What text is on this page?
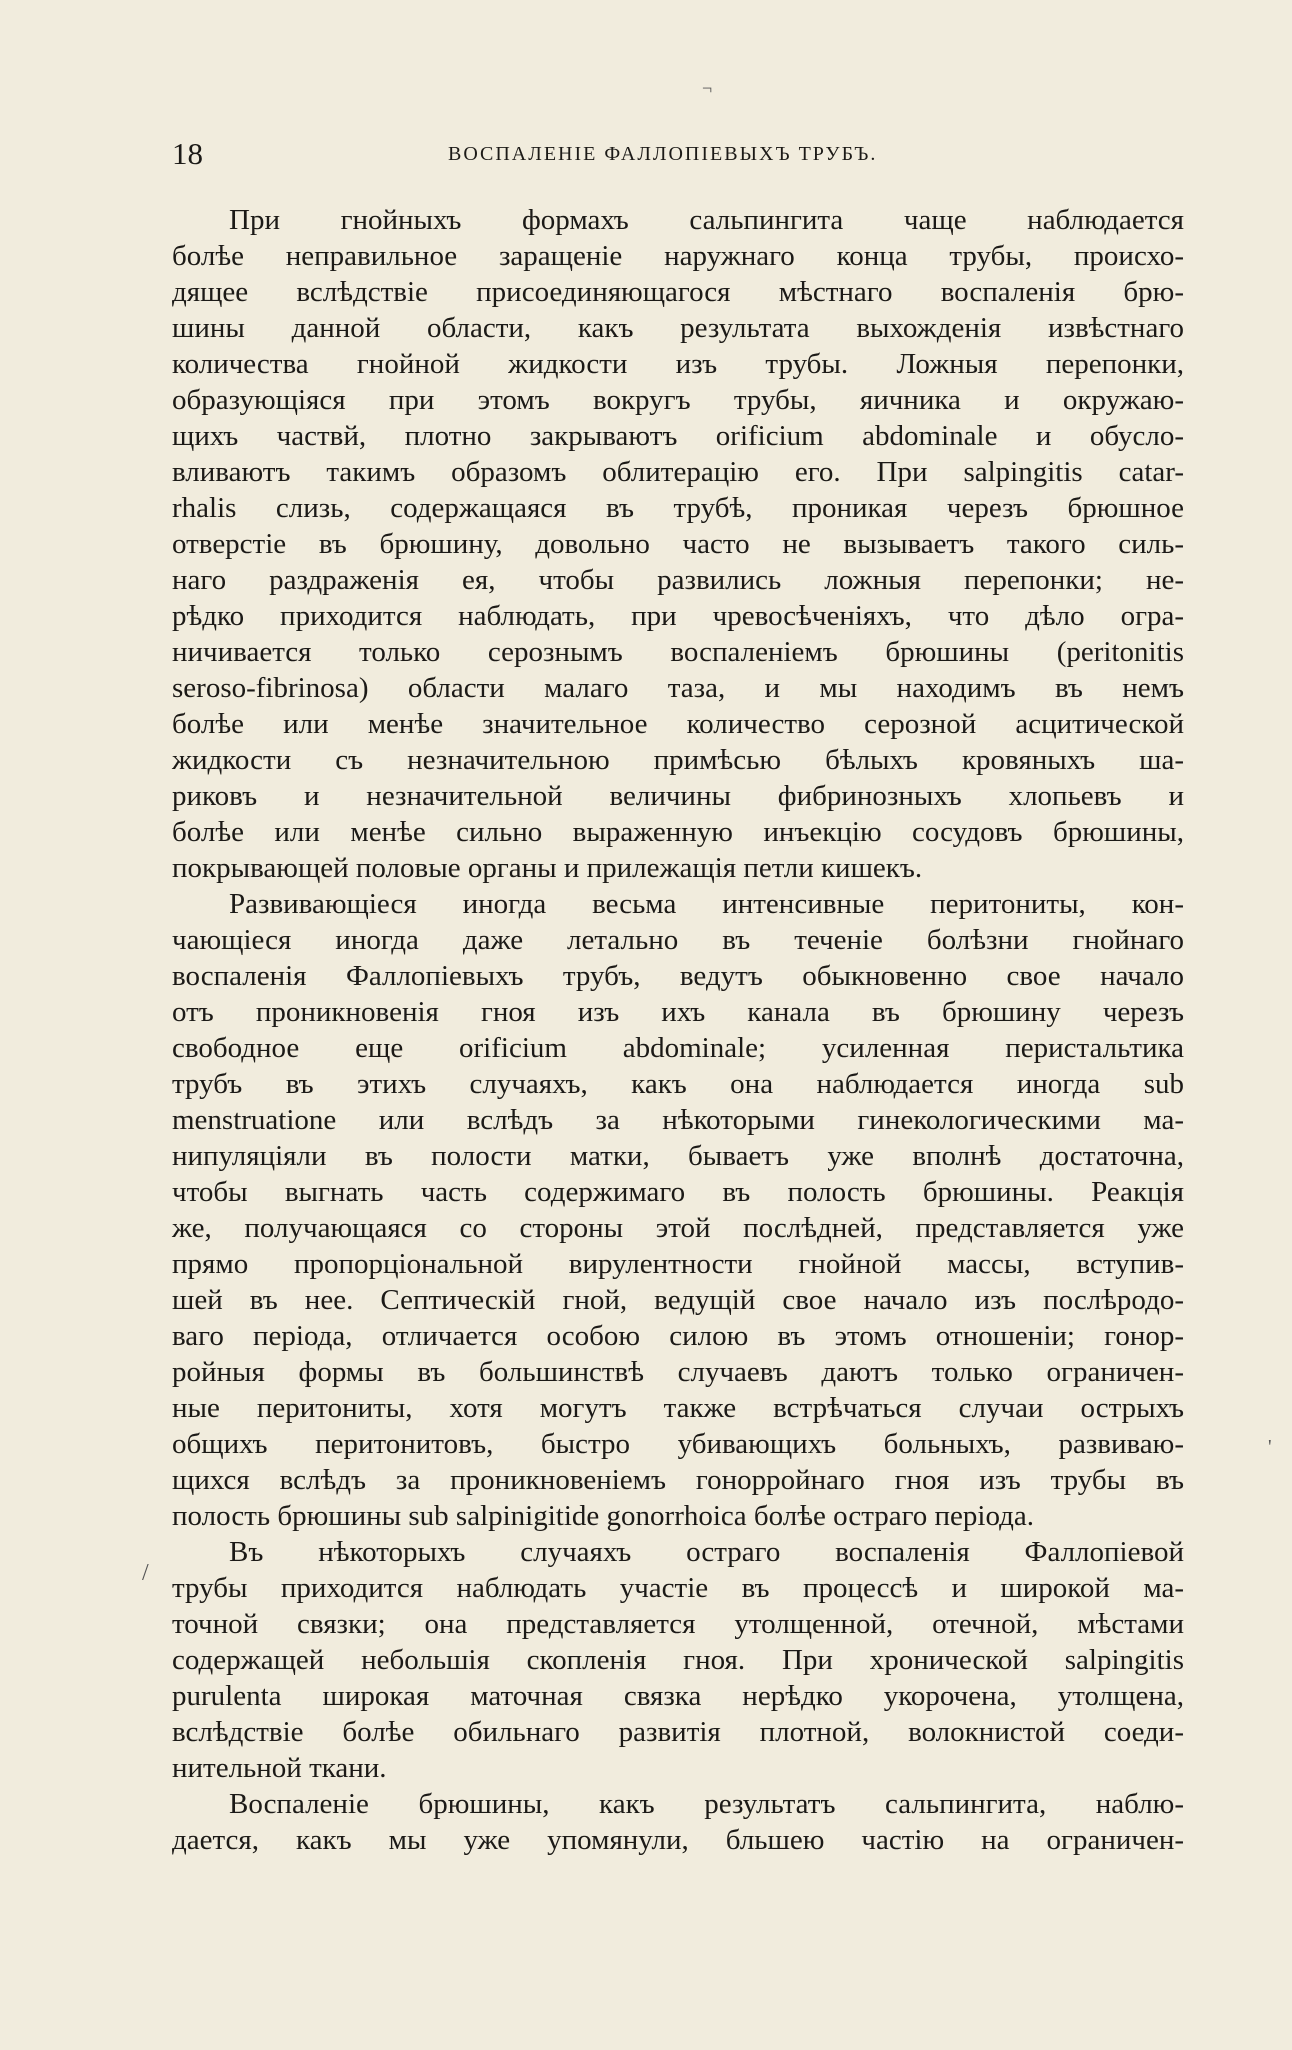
¬
18	ВОСПАЛЕНІЕ ФАЛЛОПІЕВЫХЪ ТРУБЪ.
При гнойныхъ формахъ сальпингита чаще наблюдается
болѣе неправильное заращеніе наружнаго конца трубы, происхо-
дящее вслѣдствіе присоединяющагося мѣстнаго воспаленія брю-
шины данной области, какъ результата выхожденія извѣстнаго
количества гнойной жидкости изъ трубы. Ложныя перепонки,
образующіяся при этомъ вокругъ трубы, яичника и окружаю-
щихъ частвй, плотно закрываютъ orificium abdominale и обусло-
вливаютъ такимъ образомъ облитерацію его. При salpingitis catar-
rhalis слизь, содержащаяся въ трубѣ, проникая черезъ брюшное
отверстіе въ брюшину, довольно часто не вызываетъ такого силь-
наго раздраженія ея, чтобы развились ложныя перепонки; не-
рѣдко приходится наблюдать, при чревосѣченіяхъ, что дѣло огра-
ничивается только серознымъ воспаленіемъ брюшины (peritonitis
seroso-fibrinosa) области малаго таза, и мы находимъ въ немъ
болѣе или менѣе значительное количество серозной асцитической
жидкости съ незначительною примѣсью бѣлыхъ кровяныхъ ша-
риковъ и незначительной величины фибринозныхъ хлопьевъ и
болѣе или менѣе сильно выраженную инъекцію сосудовъ брюшины,
покрывающей половые органы и прилежащія петли кишекъ.
Развивающіеся иногда весьма интенсивные перитониты, кон-
чающіеся иногда даже летально въ теченіе болѣзни гнойнаго
воспаленія Фаллопіевыхъ трубъ, ведутъ обыкновенно свое начало
отъ проникновенія гноя изъ ихъ канала въ брюшину черезъ
свободное еще orificium abdominale; усиленная перистальтика
трубъ въ этихъ случаяхъ, какъ она наблюдается иногда sub
menstruatione или вслѣдъ за нѣкоторыми гинекологическими ма-
нипуляціяли въ полости матки, бываетъ уже вполнѣ достаточна,
чтобы выгнать часть содержимаго въ полость брюшины. Реакція
же, получающаяся со стороны этой послѣдней, представляется уже
прямо пропорціональной вирулентности гнойной массы, вступив-
шей въ нее. Септическій гной, ведущій свое начало изъ послѣродо-
ваго періода, отличается особою силою въ этомъ отношеніи; гонор-
ройныя формы въ большинствѣ случаевъ даютъ только ограничен-
ные перитониты, хотя могутъ также встрѣчаться случаи острыхъ
общихъ перитонитовъ, быстро убивающихъ больныхъ, развиваю-
щихся вслѣдъ за проникновеніемъ гонорройнаго гноя изъ трубы въ
полость брюшины sub salpinigitide gonorrhoica болѣе остраго періода.
Въ нѣкоторыхъ случаяхъ остраго воспаленія Фаллопіевой
трубы приходится наблюдать участіе въ процессѣ и широкой ма-
точной связки; она представляется утолщенной, отечной, мѣстами
содержащей небольшія скопленія гноя. При хронической salpingitis
purulenta широкая маточная связка нерѣдко укорочена, утолщена,
вслѣдствіе болѣе обильнаго развитія плотной, волокнистой соеди-
нительной ткани.
Воспаленіе брюшины, какъ результатъ сальпингита, наблю-
дается, какъ мы уже упомянули, бльшею частію на ограничен-
/
'
